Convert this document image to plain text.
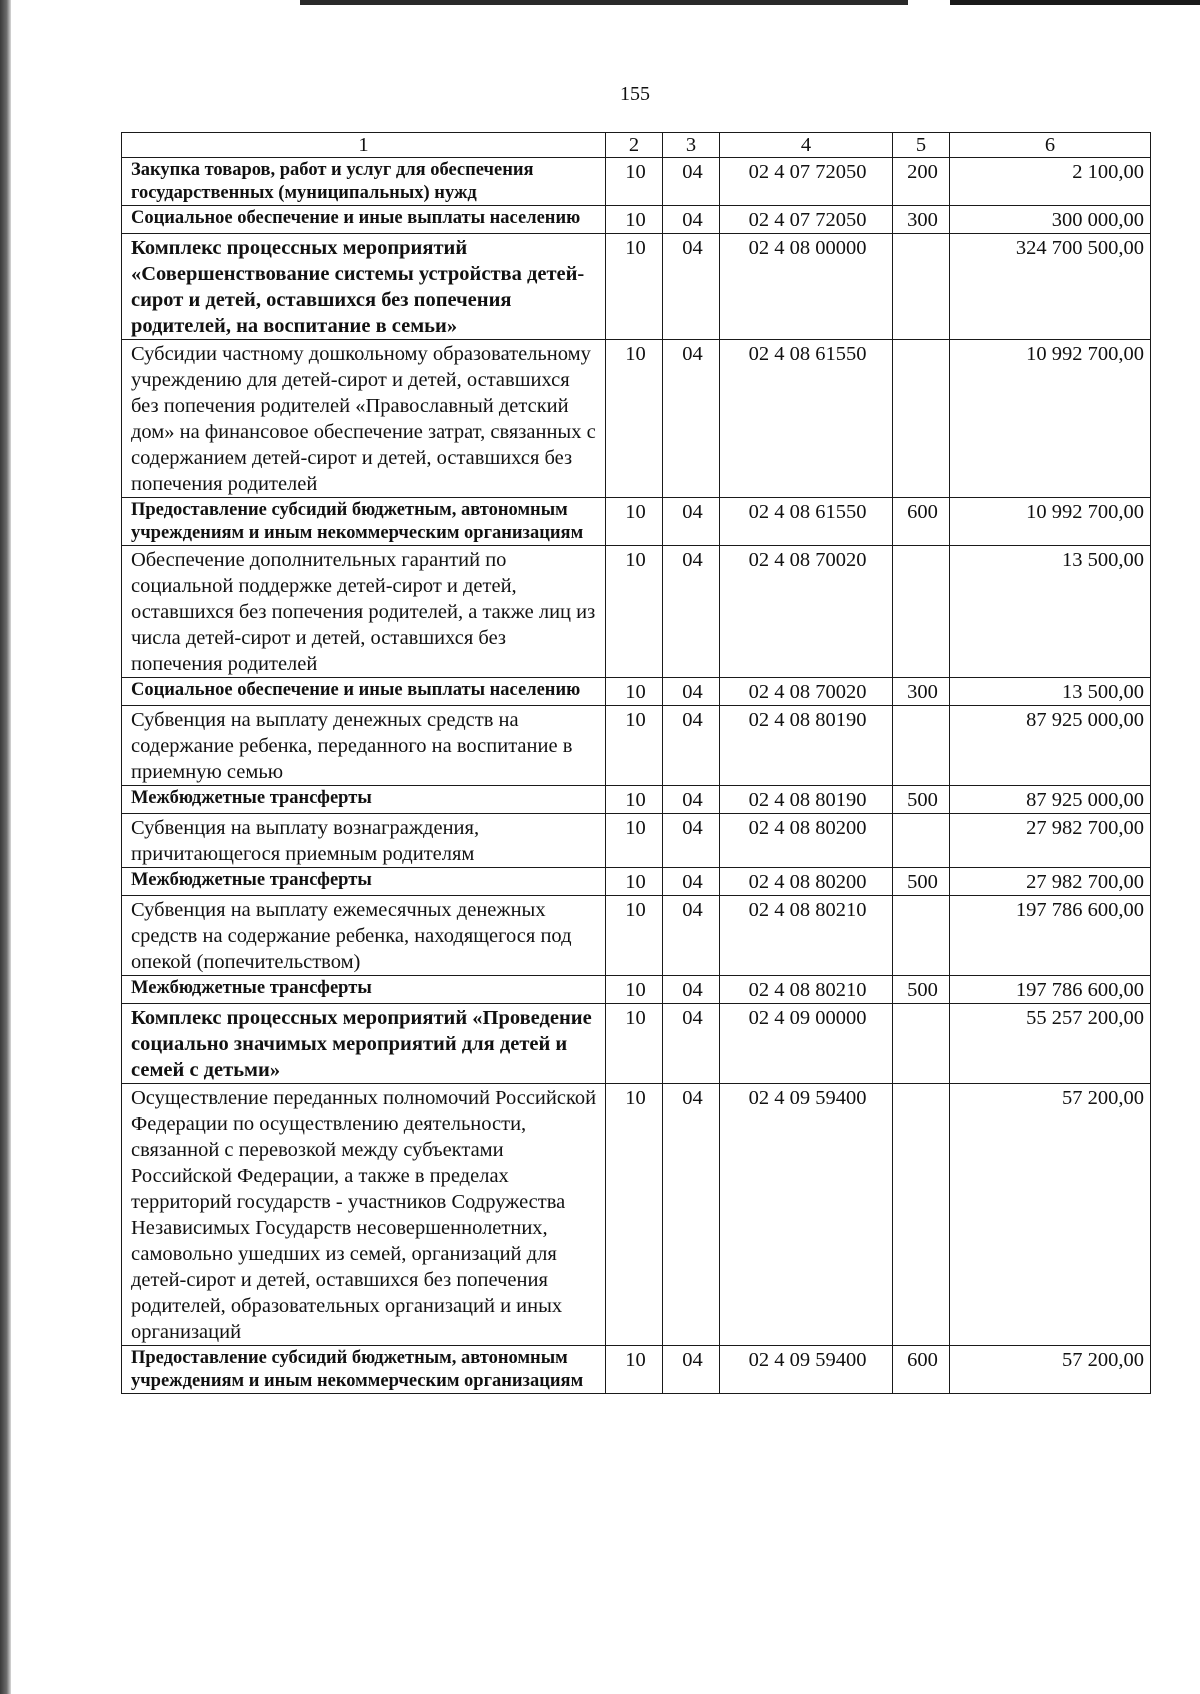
155
1	2	3	4	5	6
Закупка товаров, работ и услуг для обеспечения государственных (муниципальных) нужд	10	04	02 4 07 72050	200	2 100,00
Социальное обеспечение и иные выплаты населению	10	04	02 4 07 72050	300	300 000,00
Комплекс процессных мероприятий «Совершенствование системы устройства детей-сирот и детей, оставшихся без попечения родителей, на воспитание в семьи»	10	04	02 4 08 00000		324 700 500,00
Субсидии частному дошкольному образовательному учреждению для детей-сирот и детей, оставшихся без попечения родителей «Православный детский дом» на финансовое обеспечение затрат, связанных с содержанием детей-сирот и детей, оставшихся без попечения родителей	10	04	02 4 08 61550		10 992 700,00
Предоставление субсидий бюджетным, автономным учреждениям и иным некоммерческим организациям	10	04	02 4 08 61550	600	10 992 700,00
Обеспечение дополнительных гарантий по социальной поддержке детей-сирот и детей, оставшихся без попечения родителей, а также лиц из числа детей-сирот и детей, оставшихся без попечения родителей	10	04	02 4 08 70020		13 500,00
Социальное обеспечение и иные выплаты населению	10	04	02 4 08 70020	300	13 500,00
Субвенция на выплату денежных средств на содержание ребенка, переданного на воспитание в приемную семью	10	04	02 4 08 80190		87 925 000,00
Межбюджетные трансферты	10	04	02 4 08 80190	500	87 925 000,00
Субвенция на выплату вознаграждения, причитающегося приемным родителям	10	04	02 4 08 80200		27 982 700,00
Межбюджетные трансферты	10	04	02 4 08 80200	500	27 982 700,00
Субвенция на выплату ежемесячных денежных средств на содержание ребенка, находящегося под опекой (попечительством)	10	04	02 4 08 80210		197 786 600,00
Межбюджетные трансферты	10	04	02 4 08 80210	500	197 786 600,00
Комплекс процессных мероприятий «Проведение социально значимых мероприятий для детей и семей с детьми»	10	04	02 4 09 00000		55 257 200,00
Осуществление переданных полномочий Российской Федерации по осуществлению деятельности, связанной с перевозкой между субъектами Российской Федерации, а также в пределах территорий государств - участников Содружества Независимых Государств несовершеннолетних, самовольно ушедших из семей, организаций для детей-сирот и детей, оставшихся без попечения родителей, образовательных организаций и иных организаций	10	04	02 4 09 59400		57 200,00
Предоставление субсидий бюджетным, автономным учреждениям и иным некоммерческим организациям	10	04	02 4 09 59400	600	57 200,00
